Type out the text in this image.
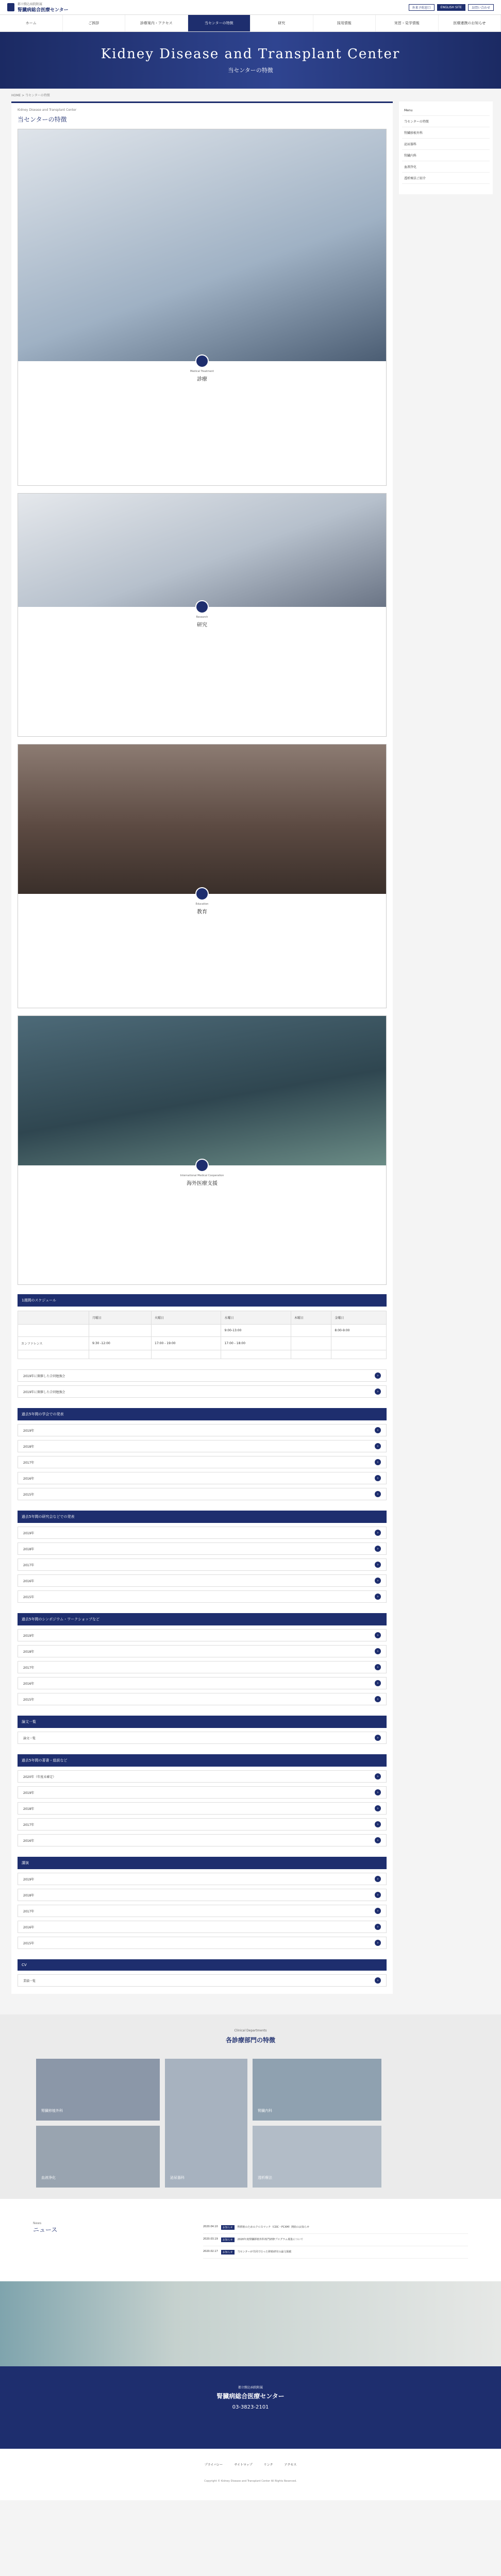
都立駒込病院附属
腎臓病総合医療センター	外来予約窓口	ENGLISH SITE	お問い合わせ
ホーム	ご挨拶	診療案内・アクセス	当センターの特徴	研究	採用情報	実習・見学情報	医療連携のお知らせ
Kidney Disease and Transplant Center

当センターの特徴

HOME > 当センターの特徴
Kidney Disease and Transplant Center
当センターの特徴
Medical Treatment
診療
Research
研究
Education
教育
International Medical Cooperation
海外医療支援
1週間のスケジュール
	月曜日	火曜日	水曜日	木曜日	金曜日
			9:00-13:00		8:00-9:00
カンファレンス	9:30 -12:00	17:00 - 19:00	17:00 - 18:00		

2019年に開催した合同勉強会	›
2019年に開催した合同勉強会	›
過去5年間の学会での発表
2019年	›
2018年	›
2017年	›
2016年	›
2015年	›
過去5年間の研究会などでの発表
2019年	›
2018年	›
2017年	›
2016年	›
2015年	›
過去5年間のシンポジウム・ワークショップなど
2019年	›
2018年	›
2017年	›
2016年	›
2015年	›
論文一覧
論文一覧	›
過去5年間の著書・総説など
2020年（年度未確定）	›
2019年	›
2018年	›
2017年	›
2016年	›
講演
2019年	›
2018年	›
2017年	›
2016年	›
2015年	›
CV
業績一覧	›
Menu
当センターの特徴
腎臓移植外科
泌尿器科
腎臓内科
血液浄化
透析療法ご紹介
Clinical Departments
各診療部門の特徴
腎臓移植外科
泌尿器科
腎臓内科
血液浄化	透析療法
News
ニュース	2020.04.10	お知らせ	腎移植のためのクロスマッチ（CDC・FCXM）開始のお知らせ
2020.03.19	お知らせ	2020年度腎臓移植外科専門研修プログラム募集について
2020.02.17	お知らせ	当センターが共同で行った移植研究の論文掲載
都立駒込病院附属
腎臓病総合医療センター
03-3823-2101
プライバシー	サイトマップ	リンク	アクセス
Copyright © Kidney Disease and Transplant Center All Rights Reserved.
